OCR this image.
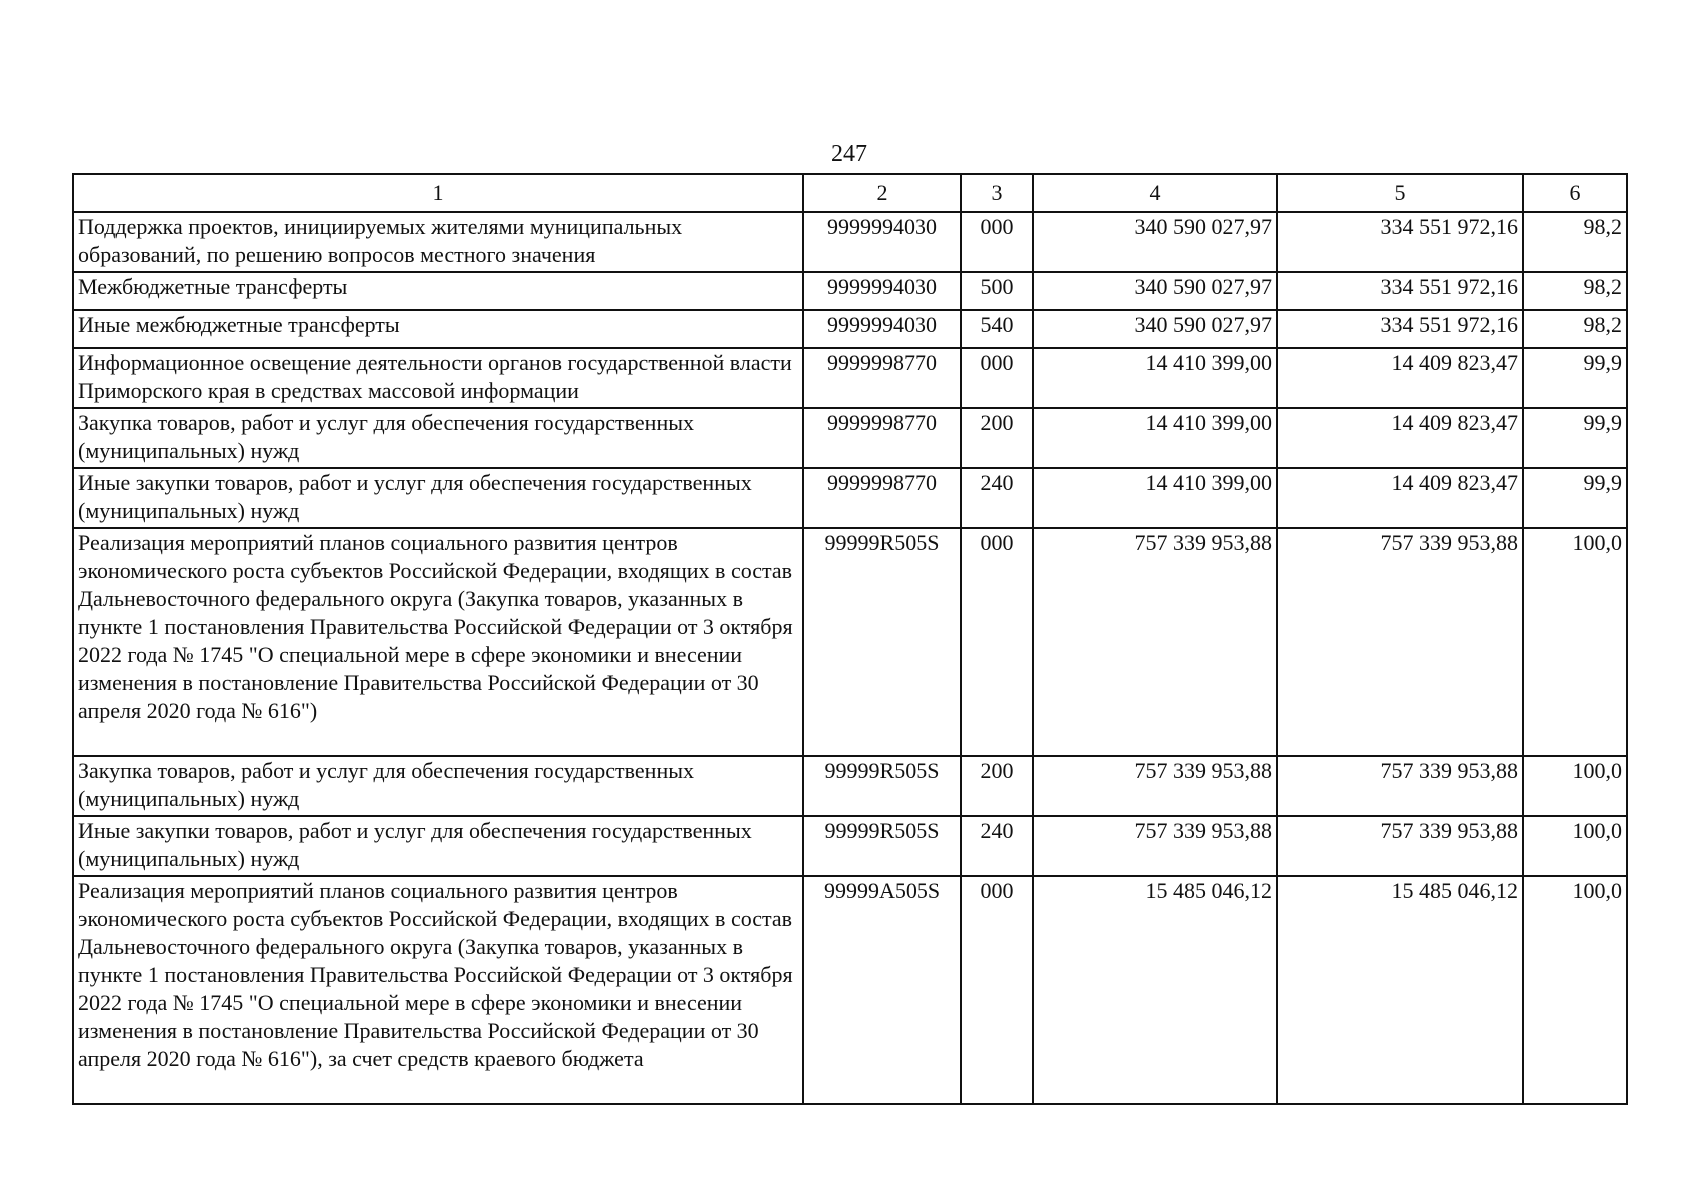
247
1	2	3	4	5	6
Поддержка проектов, инициируемых жителями муниципальных образований, по решению вопросов местного значения	9999994030	000	340 590 027,97	334 551 972,16	98,2
Межбюджетные трансферты	9999994030	500	340 590 027,97	334 551 972,16	98,2
Иные межбюджетные трансферты	9999994030	540	340 590 027,97	334 551 972,16	98,2
Информационное освещение деятельности органов государственной власти Приморского края в средствах массовой информации	9999998770	000	14 410 399,00	14 409 823,47	99,9
Закупка товаров, работ и услуг для обеспечения государственных (муниципальных) нужд	9999998770	200	14 410 399,00	14 409 823,47	99,9
Иные закупки товаров, работ и услуг для обеспечения государственных (муниципальных) нужд	9999998770	240	14 410 399,00	14 409 823,47	99,9
Реализация мероприятий планов социального развития центров экономического роста субъектов Российской Федерации, входящих в состав Дальневосточного федерального округа (Закупка товаров, указанных в пункте 1 постановления Правительства Российской Федерации от 3 октября 2022 года № 1745 "О специальной мере в сфере экономики и внесении изменения в постановление Правительства Российской Федерации от 30 апреля 2020 года № 616")	99999R505S	000	757 339 953,88	757 339 953,88	100,0
Закупка товаров, работ и услуг для обеспечения государственных (муниципальных) нужд	99999R505S	200	757 339 953,88	757 339 953,88	100,0
Иные закупки товаров, работ и услуг для обеспечения государственных (муниципальных) нужд	99999R505S	240	757 339 953,88	757 339 953,88	100,0
Реализация мероприятий планов социального развития центров экономического роста субъектов Российской Федерации, входящих в состав Дальневосточного федерального округа (Закупка товаров, указанных в пункте 1 постановления Правительства Российской Федерации от 3 октября 2022 года № 1745 "О специальной мере в сфере экономики и внесении изменения в постановление Правительства Российской Федерации от 30 апреля 2020 года № 616"), за счет средств краевого бюджета	99999A505S	000	15 485 046,12	15 485 046,12	100,0
